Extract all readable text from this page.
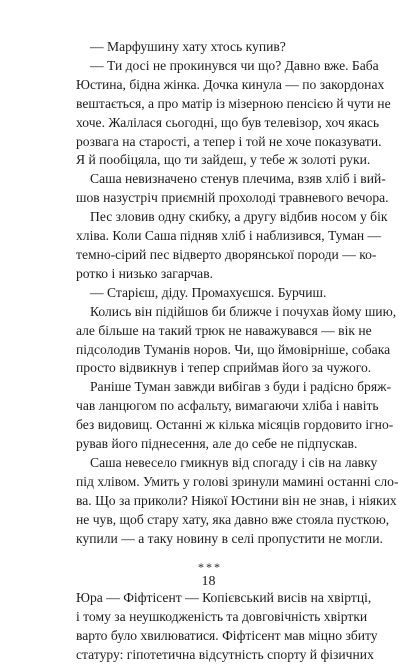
— Марфушину хату хтось купив?
— Ти досі не прокинувся чи що? Давно вже. Баба
Юстина, бідна жінка. Дочка кинула — по закордонах
вештається, а про матір із мізерною пенсією й чути не
хоче. Жалілася сьогодні, що був телевізор, хоч якась
розвага на старості, а тепер і той не хоче показувати.
Я й пообіцяла, що ти зайдеш, у тебе ж золоті руки.
Саша невизначено стенув плечима, взяв хліб і вий-
шов назустріч приємній прохолоді травневого вечора.
Пес зловив одну скибку, а другу відбив носом у бік
хліва. Коли Саша підняв хліб і наблизився, Туман —
темно-сірий пес відверто дворянської породи — ко-
ротко і низько загарчав.
— Старієш, діду. Промахуєшся. Бурчиш.
Колись він підійшов би ближче і почухав йому шию,
але більше на такий трюк не наважувався — вік не
підсолодив Туманів норов. Чи, що ймовірніше, собака
просто відвикнув і тепер сприймав його за чужого.
Раніше Туман завжди вибігав з буди і радісно бряж-
чав ланцюгом по асфальту, вимагаючи хліба і навіть
без видовищ. Останні ж кілька місяців гордовито ігно-
рував його піднесення, але до себе не підпускав.
Саша невесело гмикнув від спогаду і сів на лавку
під хлівом. Умить у голові зринули мамині останні сло-
ва. Що за приколи? Ніякої Юстини він не знав, і ніяких
не чув, щоб стару хату, яка давно вже стояла пусткою,
купили — а таку новину в селі пропустити не могли.
***
Юра — Фіфтісент — Копієвський висів на хвіртці,
і тому за неушкодженість та довговічність хвіртки
варто було хвилюватися. Фіфтісент мав міцно збиту
статуру: гіпотетична відсутність спорту й фізичних
18
